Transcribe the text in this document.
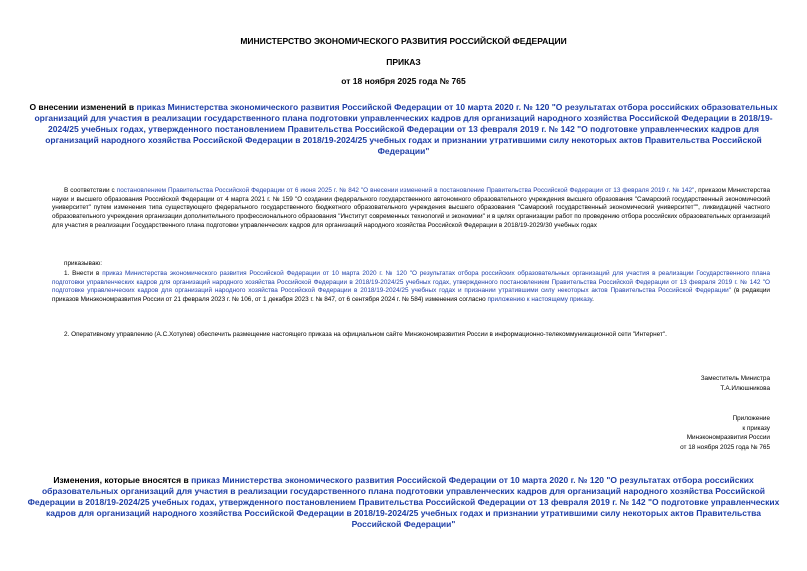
МИНИСТЕРСТВО ЭКОНОМИЧЕСКОГО РАЗВИТИЯ РОССИЙСКОЙ ФЕДЕРАЦИИ
ПРИКАЗ
от 18 ноября 2025 года № 765
О внесении изменений в приказ Министерства экономического развития Российской Федерации от 10 марта 2020 г. № 120 "О результатах отбора российских образовательных организаций для участия в реализации государственного плана подготовки управленческих кадров для организаций народного хозяйства Российской Федерации в 2018/19-2024/25 учебных годах, утвержденного постановлением Правительства Российской Федерации от 13 февраля 2019 г. № 142 "О подготовке управленческих кадров для организаций народного хозяйства Российской Федерации в 2018/19-2024/25 учебных годах и признании утратившими силу некоторых актов Правительства Российской Федерации"
В соответствии с постановлением Правительства Российской Федерации от 6 июня 2025 г. № 842 "О внесении изменений в постановление Правительства Российской Федерации от 13 февраля 2019 г. № 142", приказом Министерства науки и высшего образования Российской Федерации от 4 марта 2021 г. № 159 "О создании федерального государственного автономного образовательного учреждения высшего образования "Самарский государственный экономический университет" путем изменения типа существующего федерального государственного бюджетного образовательного учреждения высшего образования "Самарский государственный экономический университет"", ликвидацией частного образовательного учреждения организации дополнительного профессионального образования "Институт современных технологий и экономики" и в целях организации работ по проведению отбора российских образовательных организаций для участия в реализации Государственного плана подготовки управленческих кадров для организаций народного хозяйства Российской Федерации в 2018/19-2029/30 учебных годах
приказываю:
1. Внести в приказ Министерства экономического развития Российской Федерации от 10 марта 2020 г. № 120 "О результатах отбора российских образовательных организаций для участия в реализации Государственного плана подготовки управленческих кадров для организаций народного хозяйства Российской Федерации в 2018/19-2024/25 учебных годах, утвержденного постановлением Правительства Российской Федерации от 13 февраля 2019 г. № 142 "О подготовке управленческих кадров для организаций народного хозяйства Российской Федерации в 2018/19-2024/25 учебных годах и признании утратившими силу некоторых актов Правительства Российской Федерации" (в редакции приказов Минэкономразвития России от 21 февраля 2023 г. № 106, от 1 декабря 2023 г. № 847, от 6 сентября 2024 г. № 584) изменения согласно приложению к настоящему приказу.
2. Оперативному управлению (А.С.Хотулев) обеспечить размещение настоящего приказа на официальном сайте Минэкономразвития России в информационно-телекоммуникационной сети "Интернет".
Заместитель Министра
Т.А.Илюшникова
Приложение
к приказу
Минэкономразвития России
от 18 ноября 2025 года № 765
Изменения, которые вносятся в приказ Министерства экономического развития Российской Федерации от 10 марта 2020 г. № 120 "О результатах отбора российских образовательных организаций для участия в реализации государственного плана подготовки управленческих кадров для организаций народного хозяйства Российской Федерации в 2018/19-2024/25 учебных годах, утвержденного постановлением Правительства Российской Федерации от 13 февраля 2019 г. № 142 "О подготовке управленческих кадров для организаций народного хозяйства Российской Федерации в 2018/19-2024/25 учебных годах и признании утратившими силу некоторых актов Правительства Российской Федерации"
